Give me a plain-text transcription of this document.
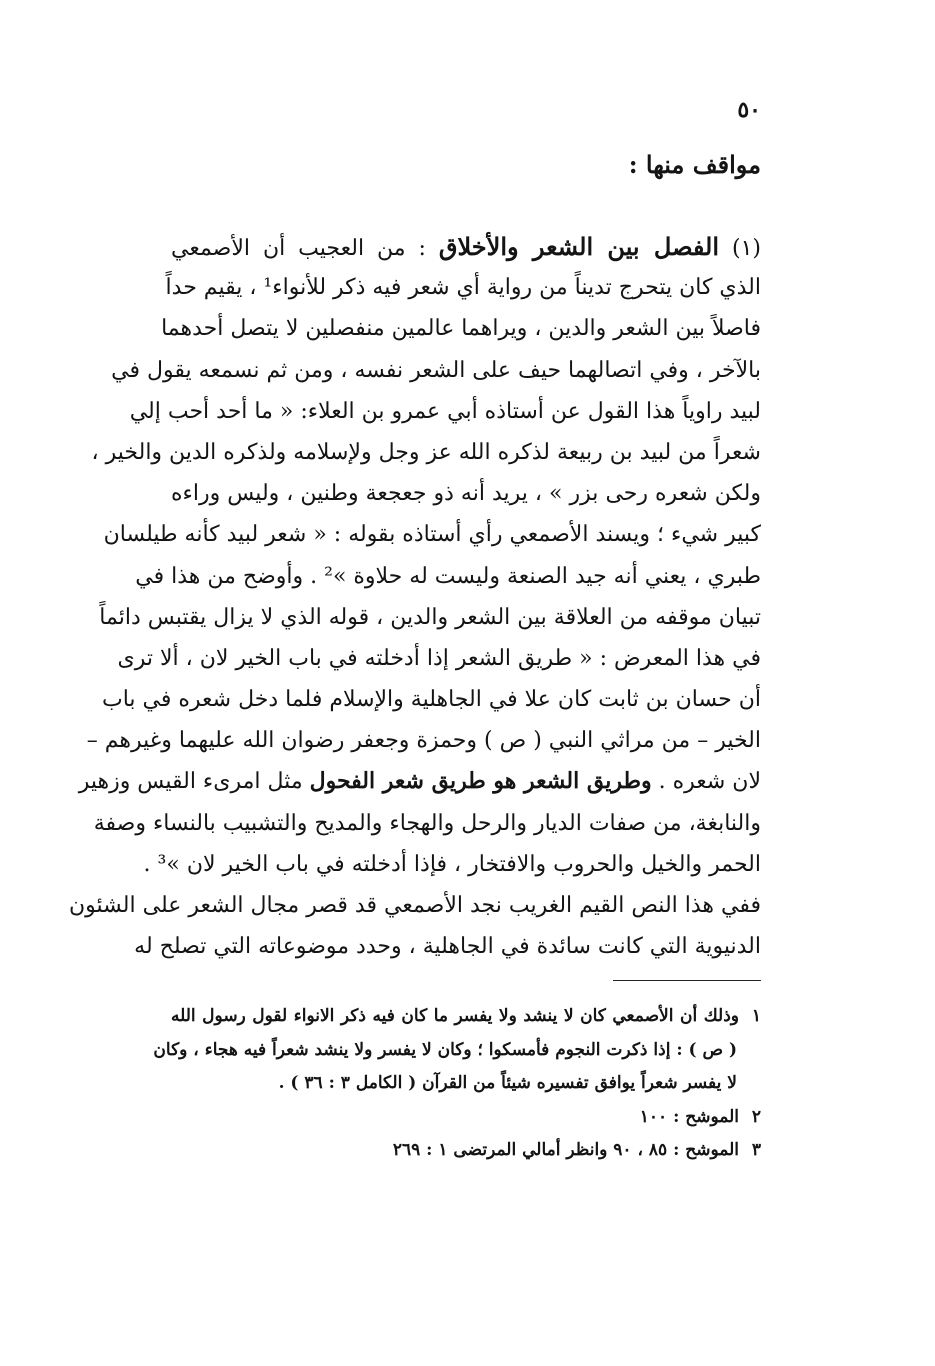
٥٠
مواقف منها :
(١) الفصل بين الشعر والأخلاق : من العجيب أن الأصمعي
الذي كان يتحرج تديناً من رواية أي شعر فيه ذكر للأنواء¹ ، يقيم حداً
فاصلاً بين الشعر والدين ، ويراهما عالمين منفصلين لا يتصل أحدهما
بالآخر ، وفي اتصالهما حيف على الشعر نفسه ، ومن ثم نسمعه يقول في
لبيد راوياً هذا القول عن أستاذه أبي عمرو بن العلاء: « ما أحد أحب إلي
شعراً من لبيد بن ربيعة لذكره الله عز وجل ولإسلامه ولذكره الدين والخير ،
ولكن شعره رحى بزر » ، يريد أنه ذو جعجعة وطنين ، وليس وراءه
كبير شيء ؛ ويسند الأصمعي رأي أستاذه بقوله : « شعر لبيد كأنه طيلسان
طبري ، يعني أنه جيد الصنعة وليست له حلاوة »² . وأوضح من هذا في
تبيان موقفه من العلاقة بين الشعر والدين ، قوله الذي لا يزال يقتبس دائماً
في هذا المعرض : « طريق الشعر إذا أدخلته في باب الخير لان ، ألا ترى
أن حسان بن ثابت كان علا في الجاهلية والإسلام فلما دخل شعره في باب
الخير – من مراثي النبي ( ص ) وحمزة وجعفر رضوان الله عليهما وغيرهم –
لان شعره . وطريق الشعر هو طريق شعر الفحول مثل امرىء القيس وزهير
والنابغة، من صفات الديار والرحل والهجاء والمديح والتشبيب بالنساء وصفة
الحمر والخيل والحروب والافتخار ، فإذا أدخلته في باب الخير لان »³ .
ففي هذا النص القيم الغريب نجد الأصمعي قد قصر مجال الشعر على الشئون
الدنيوية التي كانت سائدة في الجاهلية ، وحدد موضوعاته التي تصلح له
١وذلك أن الأصمعي كان لا ينشد ولا يفسر ما كان فيه ذكر الانواء لقول رسول الله
( ص ) : إذا ذكرت النجوم فأمسكوا ؛ وكان لا يفسر ولا ينشد شعراً فيه هجاء ، وكان
لا يفسر شعراً يوافق تفسيره شيئاً من القرآن ( الكامل ٣ : ٣٦ ) .
٢الموشح : ١٠٠
٣الموشح : ٨٥ ، ٩٠ وانظر أمالي المرتضى ١ : ٢٦٩
